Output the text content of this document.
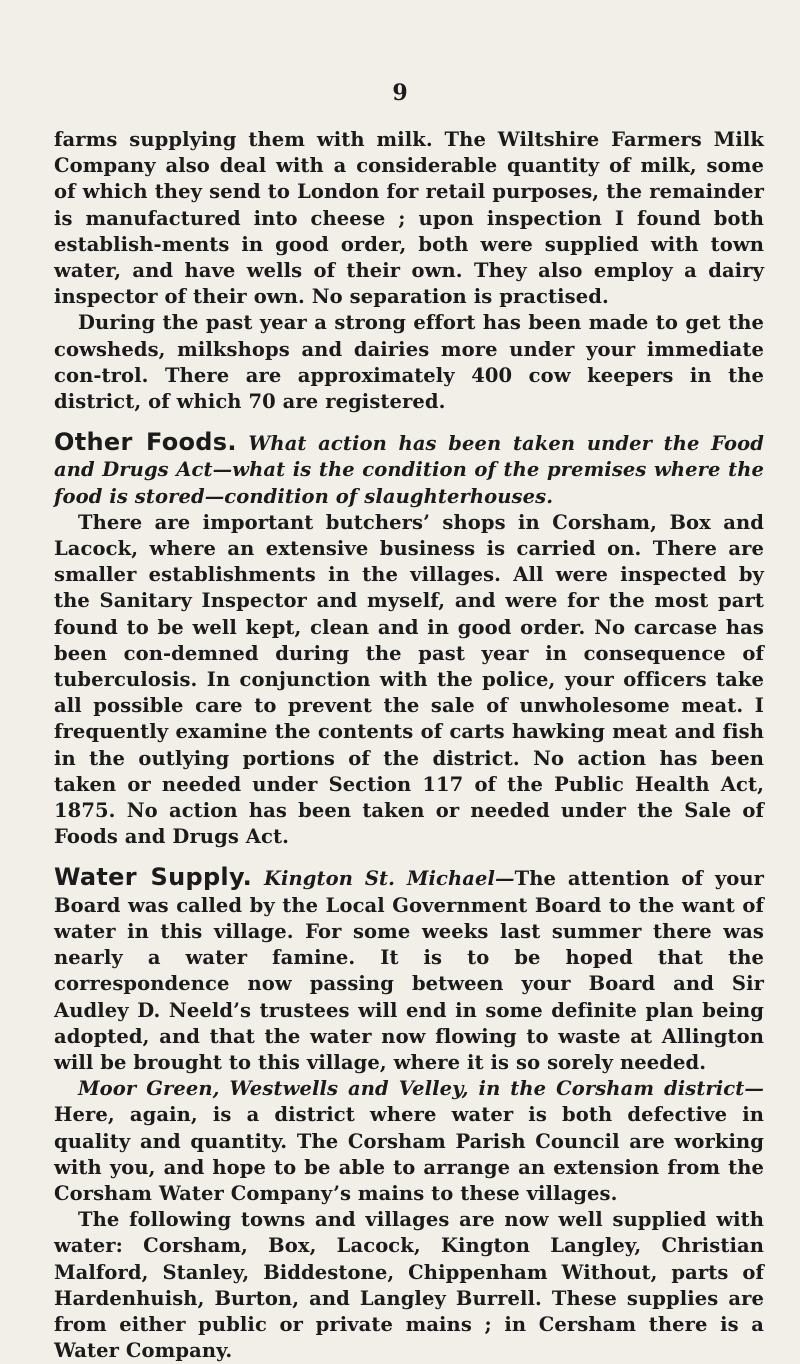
9

farms supplying them with milk. The Wiltshire Farmers Milk Company also deal with a considerable quantity of milk, some of which they send to London for retail purposes, the remainder is manufactured into cheese ; upon inspection I found both establish-ments in good order, both were supplied with town water, and have wells of their own. They also employ a dairy inspector of their own. No separation is practised.

During the past year a strong effort has been made to get the cowsheds, milkshops and dairies more under your immediate con-trol. There are approximately 400 cow keepers in the district, of which 70 are registered.

Other Foods. What action has been taken under the Food and Drugs Act—what is the condition of the premises where the food is stored—condition of slaughterhouses.

There are important butchers’ shops in Corsham, Box and Lacock, where an extensive business is carried on. There are smaller establishments in the villages. All were inspected by the Sanitary Inspector and myself, and were for the most part found to be well kept, clean and in good order. No carcase has been con-demned during the past year in consequence of tuberculosis. In conjunction with the police, your officers take all possible care to prevent the sale of unwholesome meat. I frequently examine the contents of carts hawking meat and fish in the outlying portions of the district. No action has been taken or needed under Section 117 of the Public Health Act, 1875. No action has been taken or needed under the Sale of Foods and Drugs Act.

Water Supply. Kington St. Michael—The attention of your Board was called by the Local Government Board to the want of water in this village. For some weeks last summer there was nearly a water famine. It is to be hoped that the correspondence now passing between your Board and Sir Audley D. Neeld’s trustees will end in some definite plan being adopted, and that the water now flowing to waste at Allington will be brought to this village, where it is so sorely needed.

Moor Green, Westwells and Velley, in the Corsham district—Here, again, is a district where water is both defective in quality and quantity. The Corsham Parish Council are working with you, and hope to be able to arrange an extension from the Corsham Water Company’s mains to these villages.

The following towns and villages are now well supplied with water: Corsham, Box, Lacock, Kington Langley, Christian Malford, Stanley, Biddestone, Chippenham Without, parts of Hardenhuish, Burton, and Langley Burrell. These supplies are from either public or private mains ; in Cersham there is a Water Company.
